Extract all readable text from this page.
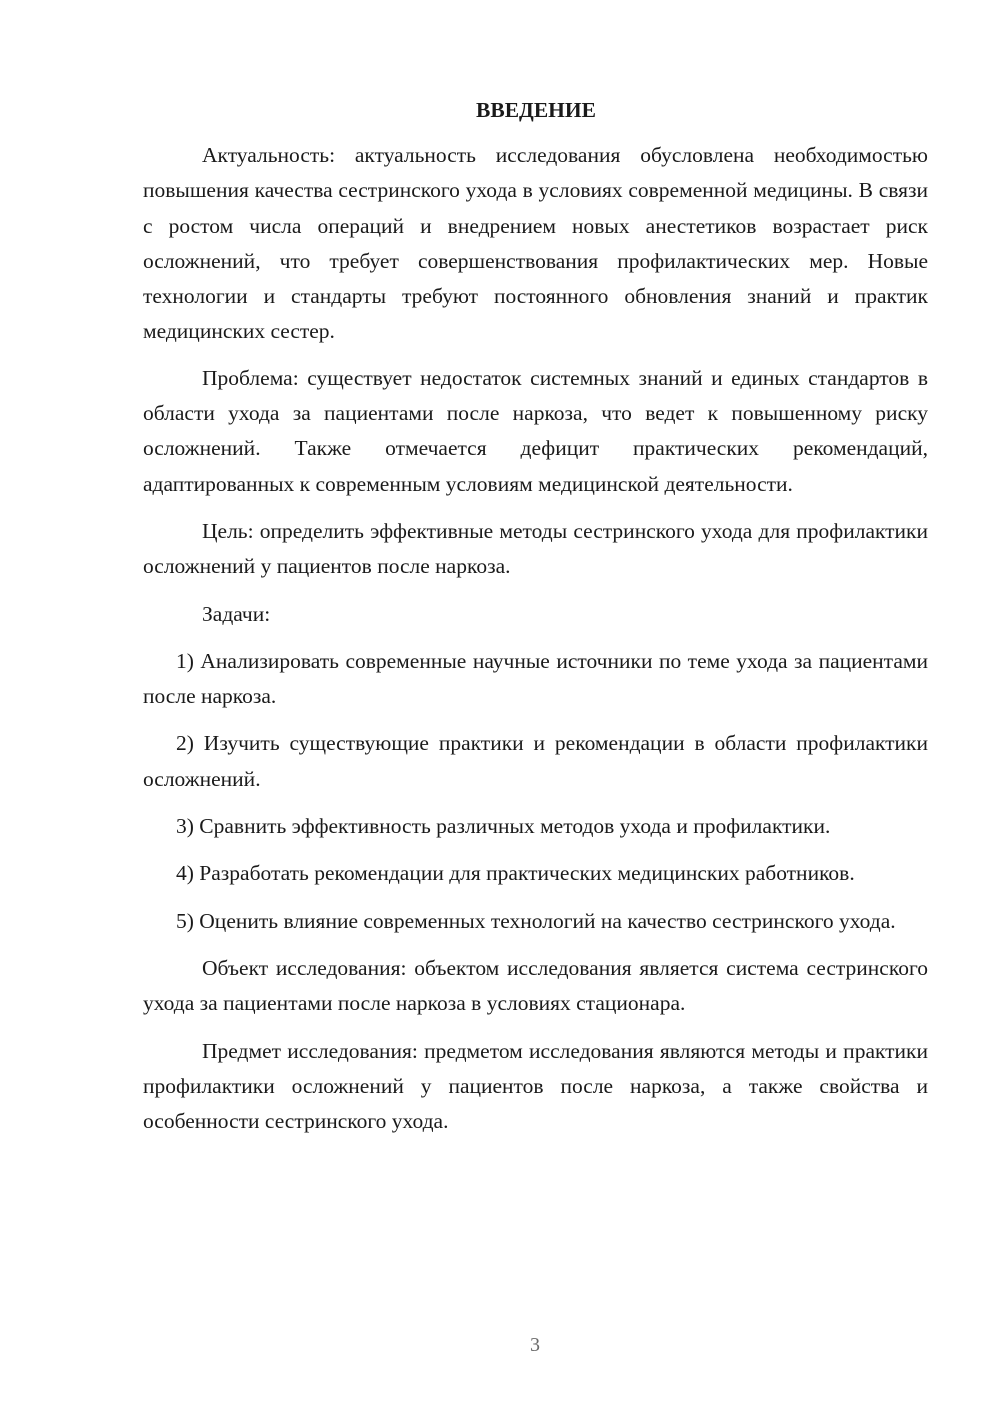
ВВЕДЕНИЕ

Актуальность: актуальность исследования обусловлена необходимостью повышения качества сестринского ухода в условиях современной медицины. В связи с ростом числа операций и внедрением новых анестетиков возрастает риск осложнений, что требует совершенствования профилактических мер. Новые технологии и стандарты требуют постоянного обновления знаний и практик медицинских сестер.

Проблема: существует недостаток системных знаний и единых стандартов в области ухода за пациентами после наркоза, что ведет к повышенному риску осложнений. Также отмечается дефицит практических рекомендаций, адаптированных к современным условиям медицинской деятельности.

Цель: определить эффективные методы сестринского ухода для профилактики осложнений у пациентов после наркоза.

Задачи:

1) Анализировать современные научные источники по теме ухода за пациентами после наркоза.

2) Изучить существующие практики и рекомендации в области профилактики осложнений.

3) Сравнить эффективность различных методов ухода и профилактики.

4) Разработать рекомендации для практических медицинских работников.

5) Оценить влияние современных технологий на качество сестринского ухода.

Объект исследования: объектом исследования является система сестринского ухода за пациентами после наркоза в условиях стационара.

Предмет исследования: предметом исследования являются методы и практики профилактики осложнений у пациентов после наркоза, а также свойства и особенности сестринского ухода.

3
